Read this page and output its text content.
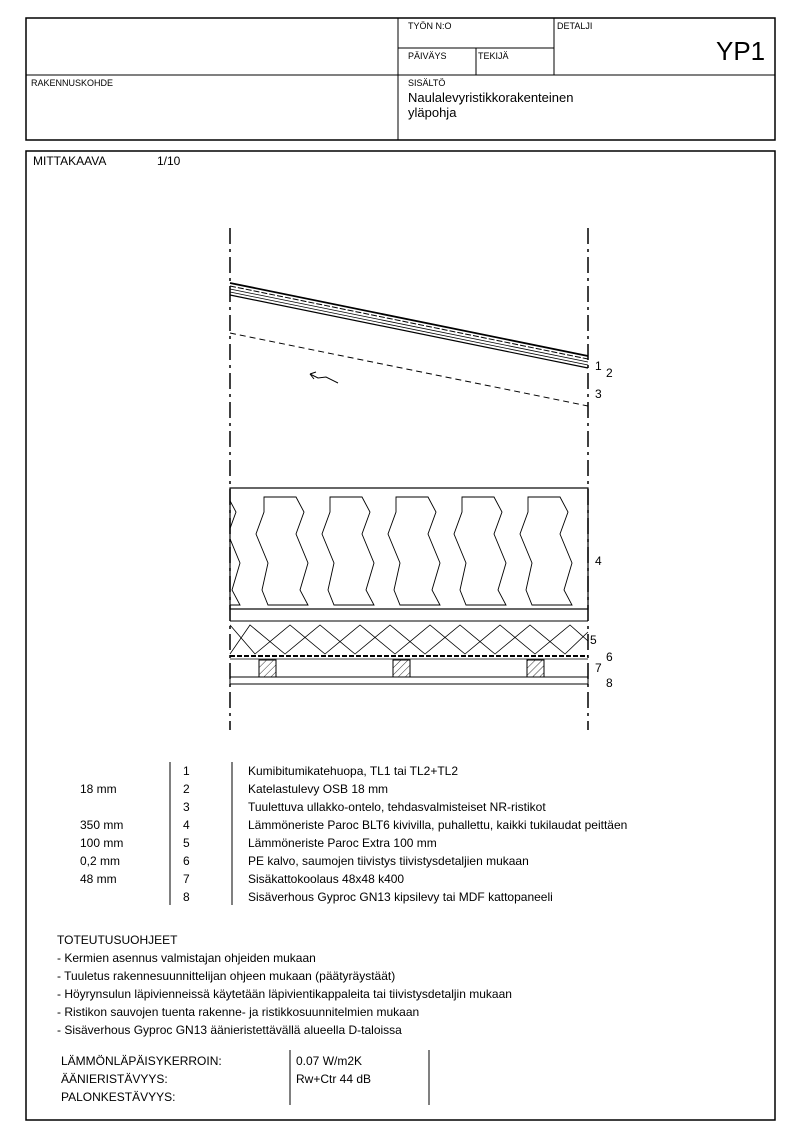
TYÖN N:O	DETALJI
PÄIVÄYS	TEKIJÄ	YP1
RAKENNUSKOHDE	SISÄLTÖ
Naulalevyristikkorakenteinen
yläpohja
MITTAKAAVA	1/10
1 2
3
4
5
6
7
8
1	Kumibitumikatehuopa, TL1 tai TL2+TL2
18 mm	2	Katelastulevy OSB 18 mm
3	Tuulettuva ullakko-ontelo, tehdasvalmisteiset NR-ristikot
350 mm	4	Lämmöneriste Paroc BLT6 kivivilla, puhallettu, kaikki tukilaudat peittäen
100 mm	5	Lämmöneriste Paroc Extra 100 mm
0,2 mm	6	PE kalvo, saumojen tiivistys tiivistysdetaljien mukaan
48 mm	7	Sisäkattokoolaus 48x48 k400
8	Sisäverhous Gyproc GN13 kipsilevy tai MDF kattopaneeli
TOTEUTUSUOHJEET
- Kermien asennus valmistajan ohjeiden mukaan
- Tuuletus rakennesuunnittelijan ohjeen mukaan (päätyräystäät)
- Höyrynsulun läpivienneissä käytetään läpivientikappaleita tai tiivistysdetaljin mukaan
- Ristikon sauvojen tuenta rakenne- ja ristikkosuunnitelmien mukaan
- Sisäverhous Gyproc GN13 äänieristettävällä alueella D-taloissa
LÄMMÖNLÄPÄISYKERROIN:	0.07 W/m2K
ÄÄNIERISTÄVYYS:	Rw+Ctr 44 dB
PALONKESTÄVYYS:
